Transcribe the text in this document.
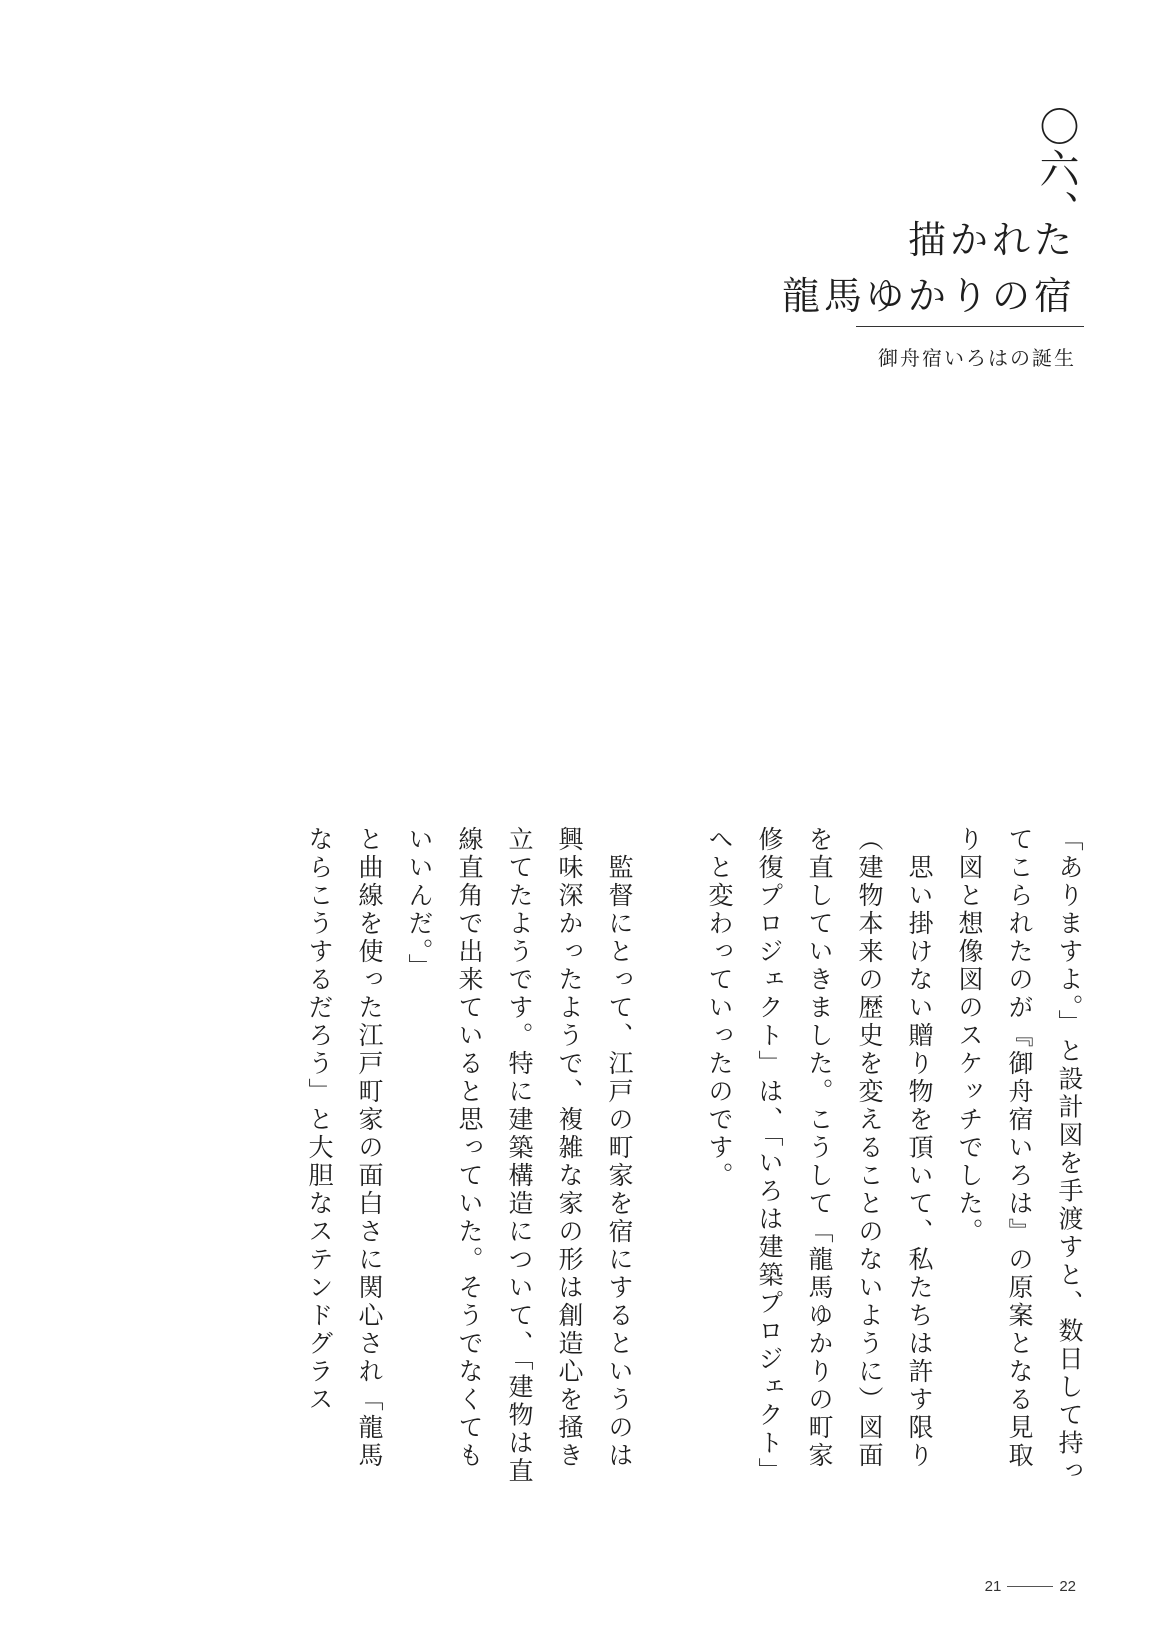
〇六、
描かれた
龍馬ゆかりの宿
御舟宿いろはの誕生

「ありますよ。」と設計図を手渡すと、数日して持ってこられたのが『御舟宿いろは』の原案となる見取り図と想像図のスケッチでした。

　思い掛けない贈り物を頂いて、私たちは許す限り（建物本来の歴史を変えることのないように）図面を直していきました。こうして「龍馬ゆかりの町家修復プロジェクト」は、「いろは建築プロジェクト」へと変わっていったのです。

　監督にとって、江戸の町家を宿にするというのは興味深かったようで、複雑な家の形は創造心を掻き立てたようです。特に建築構造について、「建物は直線直角で出来ていると思っていた。そうでなくてもいいんだ。」

と曲線を使った江戸町家の面白さに関心され「龍馬ならこうするだろう」と大胆なステンドグラス

21	22
